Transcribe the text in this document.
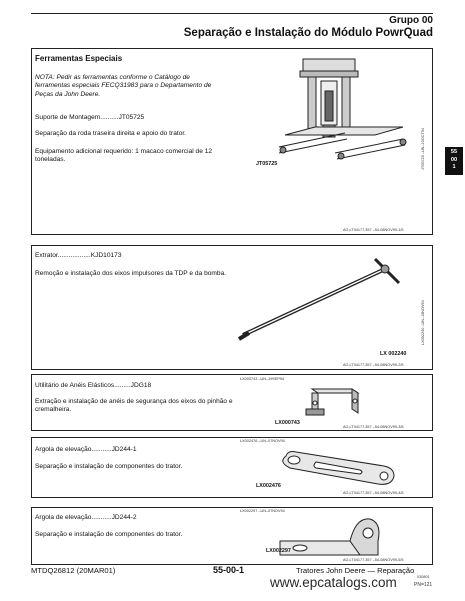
Grupo 00
Separação e Instalação do Módulo PowrQuad
55
00
1
Ferramentas Especiais
NOTA: Pedir as ferramentas conforme o Catálogo de ferramentas especiais FECQ31983 para o Departamento de Peças da John Deere.
Suporte de Montagem..........JT05725
Separação da roda traseira direita e apoio do trator.
Equipamento adicional requerido: 1 macaco comercial de 12 toneladas.
JT05725	JT05725 –UN–10OCT94
AG,LT04177,357 –54-08NOV99-1/5
Extrator..................KJD10173
Remoção e instalação dos eixos impulsores da TDP e da bomba.
LX 002240
LX002240 –UN–16NOV94
AG,LT04177,357 –54-08NOV99-2/5
Utilitário de Anéis Elásticos.........JDG18
Extração e instalação de anéis de segurança dos eixos do pinhão e cremalheira.
LX000743 –UN–19SEP94
LX000743
AG,LT04177,357 –54-08NOV99-3/5
Argola de elevação...........JD244-1
Separação e instalação de componentes do trator.
LX002476 –UN–07NOV94
LX002476
AG,LT04177,357 –54-08NOV99-4/5
Argola de elevação...........JD244-2
Separação e instalação de componentes do trator.
LX002297 –UN–07NOV94
LX002297
AG,LT04177,357 –54-08NOV99-5/5
MTDQ26812 (20MAR01)	55-00-1	Tratores John Deere — Reparação
030801
PN=121
www.epcatalogs.com
